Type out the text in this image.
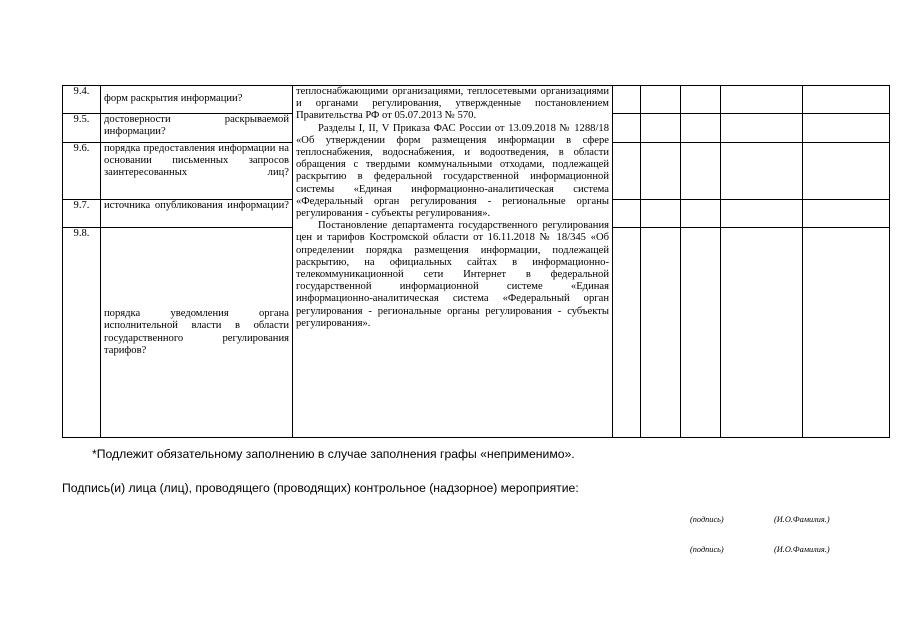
9.4.	форм раскрытия информации?	теплоснабжающими организациями, теплосетевыми организациями и органами регулирования, утвержденные постановлением Правительства РФ от 05.07.2013 № 570.
Разделы I, II, V Приказа ФАС России от 13.09.2018 № 1288/18 «Об утверждении форм размещения информации в сфере теплоснабжения, водоснабжения, и водоотведения, в области обращения с твердыми коммунальными отходами, подлежащей раскрытию в федеральной государственной информационной системы «Единая информационно-аналитическая система «Федеральный орган регулирования - региональные органы регулирования - субъекты регулирования».
Постановление департамента государственного регулирования цен и тарифов Костромской области от 16.11.2018 № 18/345 «Об определении порядка размещения информации, подлежащей раскрытию, на официальных сайтах в информационно-телекоммуникационной сети Интернет в федеральной государственной информационной системе «Единая информационно-аналитическая система «Федеральный орган регулирования - региональные органы регулирования - субъекты регулирования».					

9.5.	достоверности раскрываемой информации?						
9.6.	порядка предоставления информации на основании письменных запросов заинтересованных лиц?						
9.7.	источника опубликования информации?						
9.8.	порядка уведомления органа исполнительной власти в области государственного регулирования тарифов?						
*Подлежит обязательному заполнению в случае заполнения графы «неприменимо».
Подпись(и) лица (лиц), проводящего (проводящих) контрольное (надзорное) мероприятие:
(подпись)	(И.О.Фамилия.)
(подпись)	(И.О.Фамилия.)
